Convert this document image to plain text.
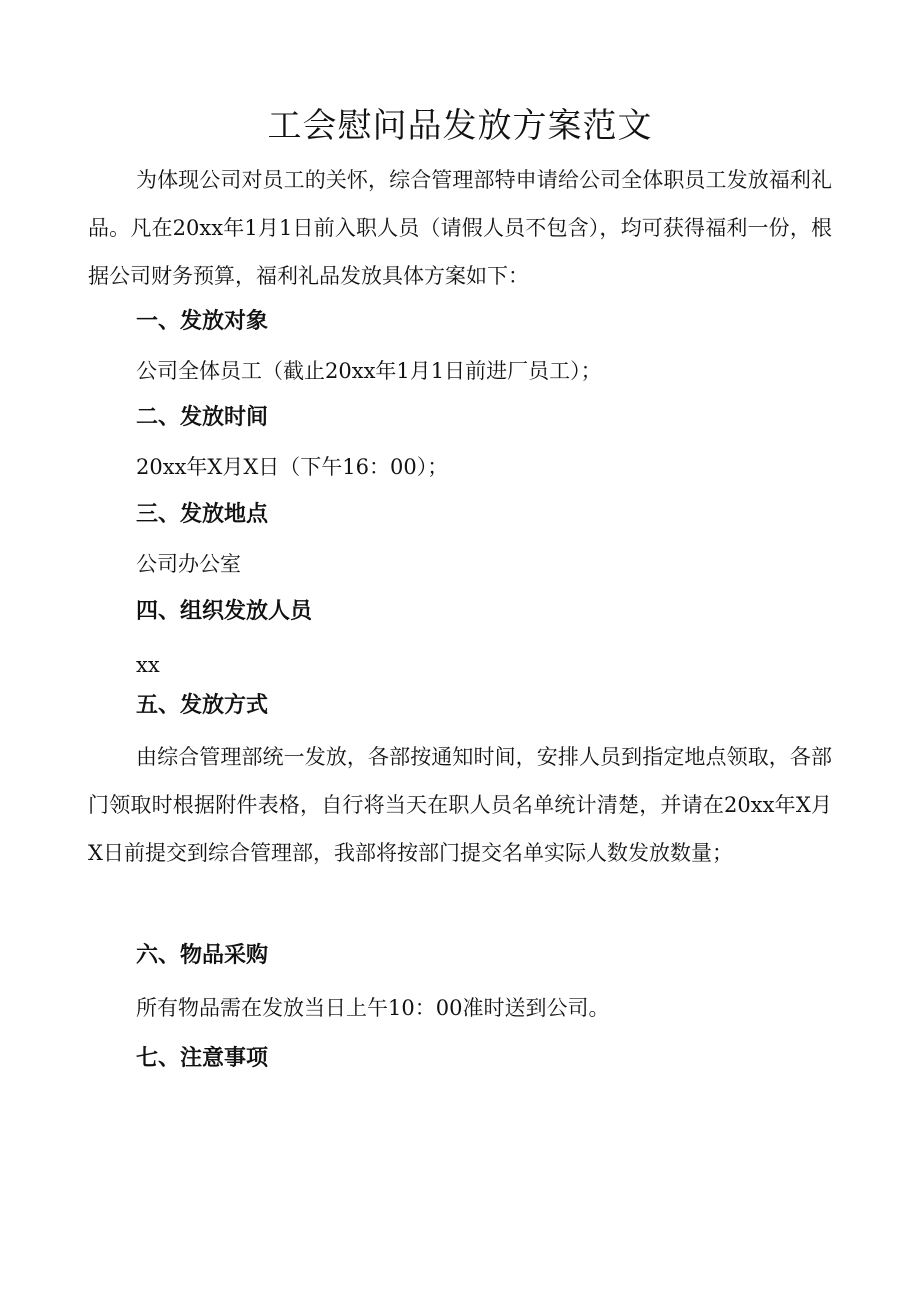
工会慰问品发放方案范文

为体现公司对员工的关怀，综合管理部特申请给公司全体职员工发放福利礼品。凡在20xx年1月1日前入职人员（请假人员不包含），均可获得福利一份，根据公司财务预算，福利礼品发放具体方案如下：

一、发放对象

公司全体员工（截止20xx年1月1日前进厂员工）；

二、发放时间

20xx年X月X日（下午16：00）；

三、发放地点

公司办公室

四、组织发放人员

xx

五、发放方式

由综合管理部统一发放，各部按通知时间，安排人员到指定地点领取，各部门领取时根据附件表格，自行将当天在职人员名单统计清楚，并请在20xx年X月X日前提交到综合管理部，我部将按部门提交名单实际人数发放数量；

六、物品采购

所有物品需在发放当日上午10：00准时送到公司。

七、注意事项
